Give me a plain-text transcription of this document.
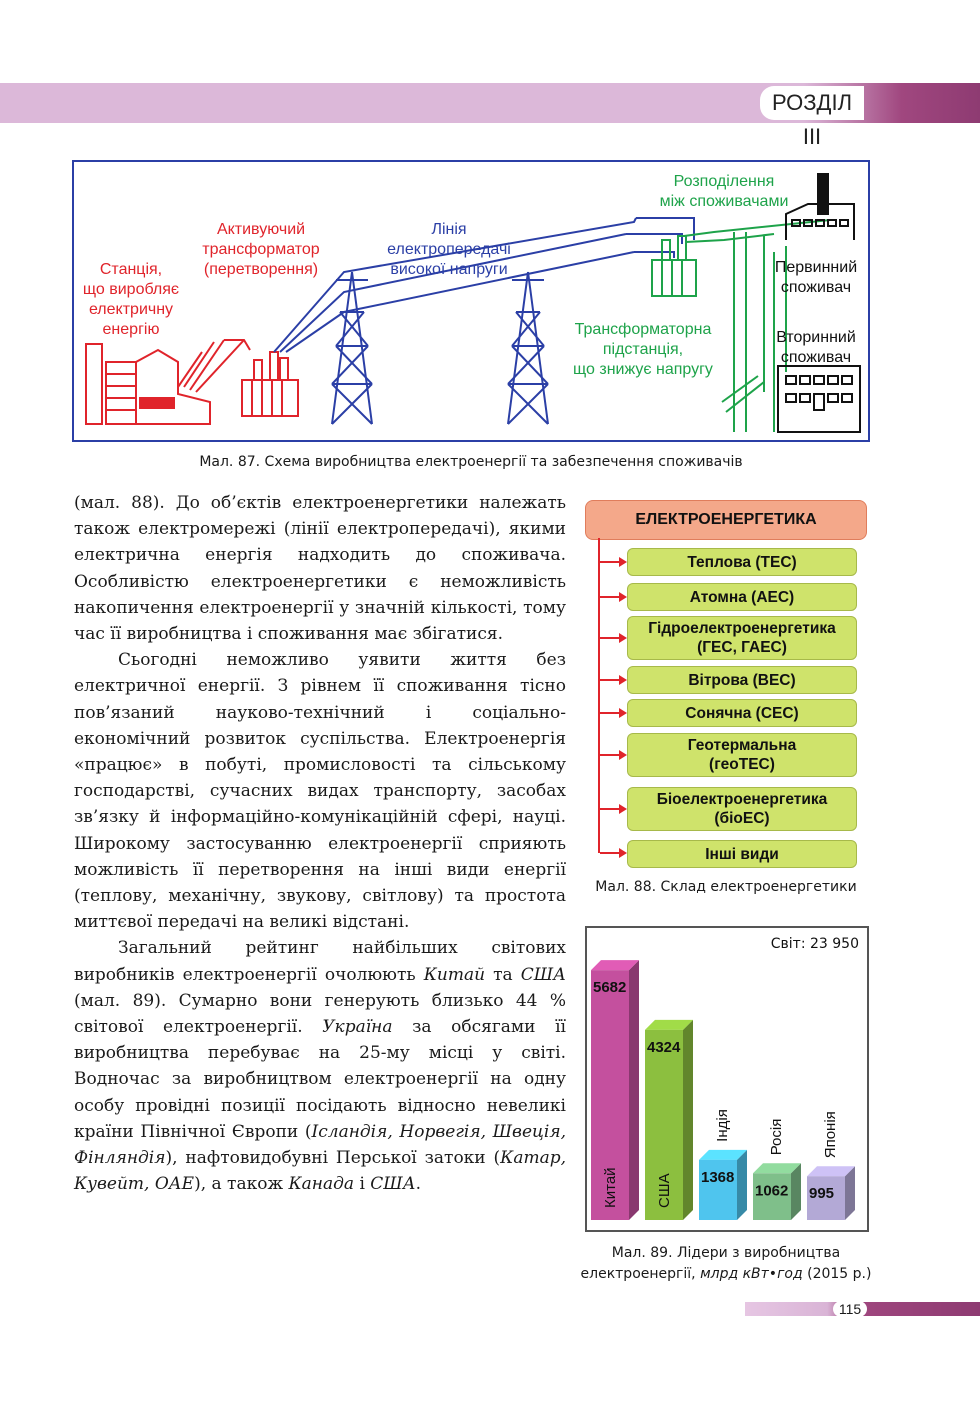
РОЗДІЛ III
Станція,
що виробляє
електричну
енергію
Активуючий
трансформатор
(перетворення)
Лінія
електропередачі
високої напруги
Розподілення
між споживачами
Первинний
споживач
Трансформаторна
підстанція,
що знижує напругу
Вторинний
споживач
Мал. 87. Схема виробництва електроенергії та забезпечення споживачів

(мал. 88). До об’єктів електроенергетики належать також електромережі (лінії електропередачі), якими електрична енергія надходить до споживача. Особливістю електроенергетики є неможливість накопичення електроенергії у значній кількості, тому час її виробництва і споживання має збігатися.

Сьогодні неможливо уявити життя без електричної енергії. З рівнем її споживання тісно пов’язаний науково-технічний і соціально-економічний розвиток суспільства. Електроенергія «працює» в побуті, промисловості та сільському господарстві, сучасних видах транспорту, засобах зв’язку й інформаційно-комунікаційній сфері, науці. Широкому застосуванню електроенергії сприяють можливість її перетворення на інші види енергії (теплову, механічну, звукову, світлову) та простота миттєвої передачі на великі відстані.

Загальний рейтинг найбільших світових виробників електроенергії очолюють Китай та США (мал. 89). Сумарно вони генерують близько 44 % світової електроенергії. Україна за обсягами її виробництва перебуває на 25-му місці у світі. Водночас за виробництвом електроенергії на одну особу провідні позиції посідають відносно невеликі країни Північної Європи (Ісландія, Норвегія, Швеція, Фінляндія), нафтовидобувні Перської затоки (Катар, Кувейт, ОАЕ), а також Канада і США.

ЕЛЕКТРОЕНЕРГЕТИКА
Теплова (ТЕС)
Атомна (АЕС)
Гідроелектроенергетика
(ГЕС, ГАЕС)
Вітрова (ВЕС)
Сонячна (СЕС)
Геотермальна
(геоТЕС)
Біоелектроенергетика
(біоЕС)
Інші види
Мал. 88. Склад електроенергетики
Світ: 23 950
5682
Китай
4324
США 1368
Індія
1062
Росія
995
Японія
Мал. 89. Лідери з виробництва
електроенергії, млрд кВт•год (2015 р.)
115
